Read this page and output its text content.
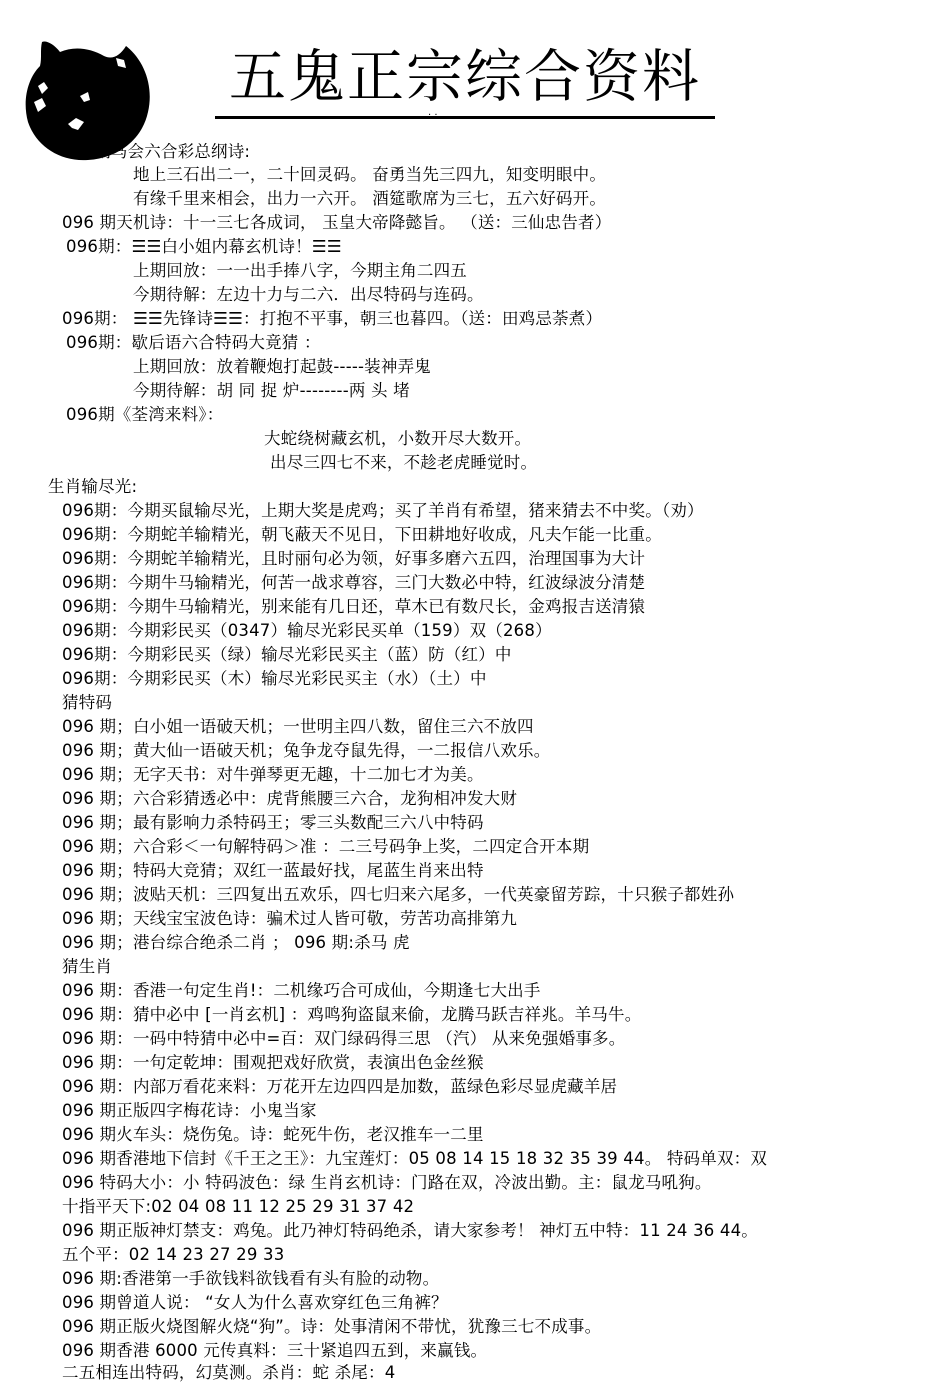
五鬼正宗综合资料
· ·
096期马会六合彩总纲诗:
地上三石出二一，二十回灵码。 奋勇当先三四九，知变明眼中。
有缘千里来相会，出力一六开。 酒筵歌席为三七，五六好码开。
096 期天机诗：十一三七各成词， 玉皇大帝降懿旨。 （送：三仙忠告者）
096期：☰☰白小姐内幕玄机诗！☰☰
上期回放：一一出手捧八字，今期主角二四五
今期待解：左边十力与二六．出尽特码与连码。
096期： ☰☰先锋诗☰☰：打抱不平事，朝三也暮四。（送：田鸡忌荼煮）
096期：歇后语六合特码大竟猜 ：
上期回放：放着鞭炮打起鼓-----装神弄鬼
今期待解：胡 同 捉 炉--------两 头 堵
096期《荃湾来料》：
大蛇绕树藏玄机，小数开尽大数开。
出尽三四七不来，不趁老虎睡觉时。
生肖输尽光:
096期：今期买鼠输尽光，上期大奖是虎鸡；买了羊肖有希望，猪来猜去不中奖。（劝）
096期：今期蛇羊输精光，朝飞蔽天不见日，下田耕地好收成，凡夫乍能一比重。
096期：今期蛇羊输精光，且时丽句必为领，好事多磨六五四，治理国事为大计
096期：今期牛马输精光，何苦一战求尊容，三门大数必中特，红波绿波分清楚
096期：今期牛马输精光，别来能有几日还，草木已有数尺长，金鸡报吉送清猿
096期：今期彩民买（0347）输尽光彩民买单（159）双（268）
096期：今期彩民买（绿）输尽光彩民买主（蓝）防（红）中
096期：今期彩民买（木）输尽光彩民买主（水）（土）中
猜特码
096 期；白小姐一语破天机；一世明主四八数，留住三六不放四
096 期；黄大仙一语破天机；兔争龙夺鼠先得，一二报信八欢乐。
096 期；无字天书：对牛弹琴更无趣，十二加七才为美。
096 期；六合彩猜透必中：虎背熊腰三六合，龙狗相冲发大财
096 期；最有影响力杀特码王；零三头数配三六八中特码
096 期；六合彩＜一句解特码＞准 ：二三号码争上奖，二四定合开本期
096 期；特码大竞猜；双红一蓝最好找，尾蓝生肖来出特
096 期；波贴天机：三四复出五欢乐，四七归来六尾多，一代英豪留芳踪，十只猴子都姓孙
096 期；天线宝宝波色诗：骗术过人皆可敬，劳苦功高排第九
096 期；港台综合绝杀二肖 ； 096 期:杀马 虎
猜生肖
096 期：香港一句定生肖!：二机缘巧合可成仙，今期逢七大出手
096 期：猜中必中 [一肖玄机] ：鸡鸣狗盗鼠来偷，龙腾马跃吉祥兆。羊马牛。
096 期：一码中特猜中必中=百：双门绿码得三思 （汽） 从来免强婚事多。
096 期：一句定乾坤：围观把戏好欣赏，表演出色金丝猴
096 期：内部万看花来料：万花开左边四四是加数，蓝绿色彩尽显虎藏羊居
096 期正版四字梅花诗：小鬼当家
096 期火车头：烧伤兔。诗：蛇死牛伤，老汉推车一二里
096 期香港地下信封《千王之王》：九宝莲灯：05 08 14 15 18 32 35 39 44。 特码单双：双
096 特码大小：小 特码波色：绿 生肖玄机诗：门路在双，冷波出勤。主：鼠龙马吼狗。
十指平天下:02 04 08 11 12 25 29 31 37 42
096 期正版神灯禁支：鸡兔。此乃神灯特码绝杀，请大家参考！ 神灯五中特：11 24 36 44。
五个平：02 14 23 27 29 33
096 期:香港第一手欲钱料欲钱看有头有脸的动物。
096 期曾道人说： “女人为什么喜欢穿红色三角裤？
096 期正版火烧图解火烧“狗”。诗：处事清闲不带忧，犹豫三七不成事。
096 期香港 6000 元传真料：三十紧追四五到，来赢钱。
二五相连出特码，幻莫测。杀肖：蛇 杀尾：4
